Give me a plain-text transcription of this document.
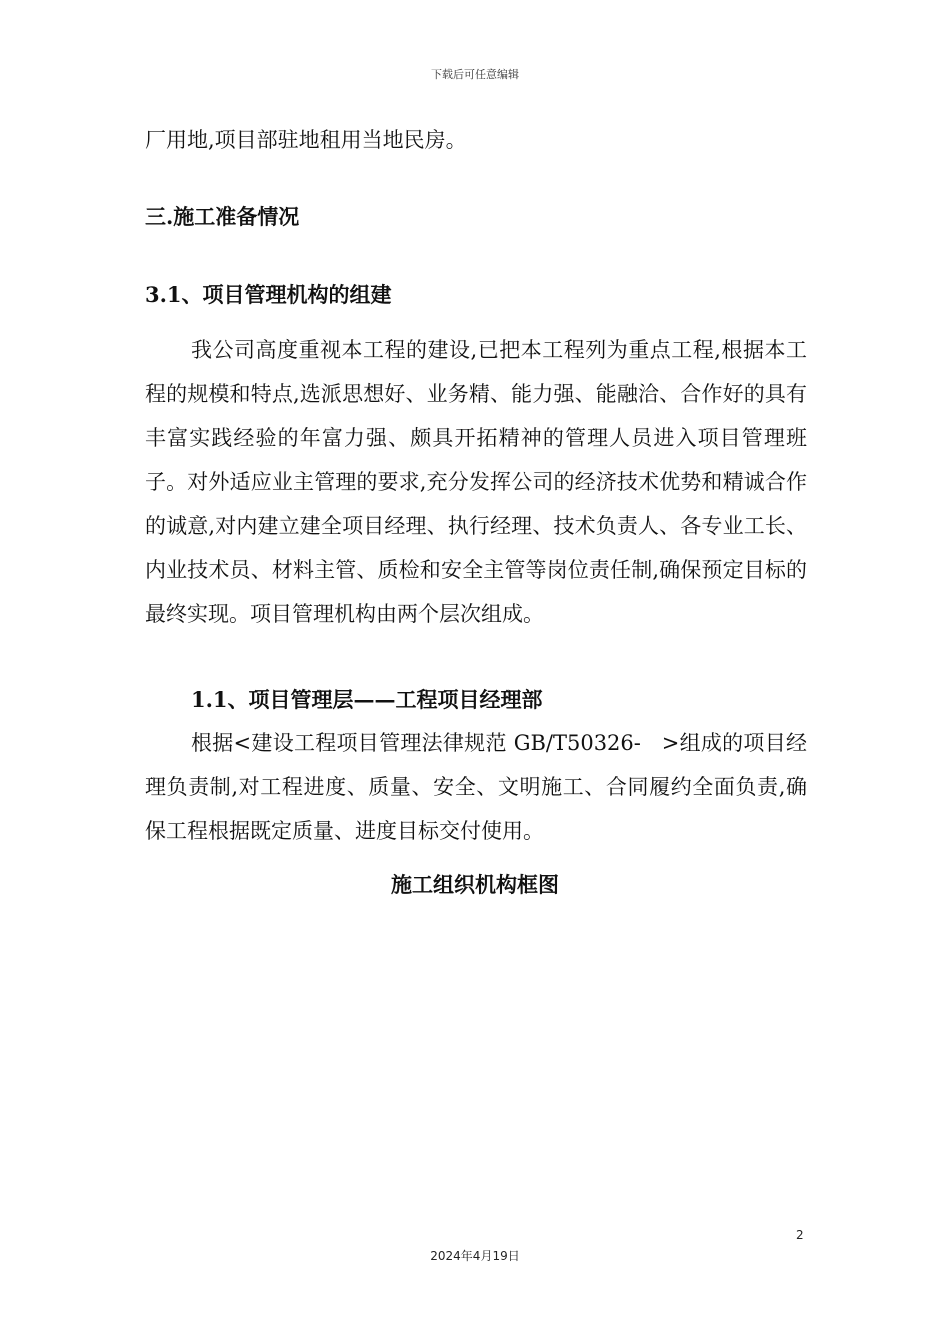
下载后可任意编辑

厂用地,项目部驻地租用当地民房。

三.施工准备情况
3.1、项目管理机构的组建

我公司高度重视本工程的建设,已把本工程列为重点工程,根据本工程的规模和特点,选派思想好、业务精、能力强、能融洽、合作好的具有丰富实践经验的年富力强、颇具开拓精神的管理人员进入项目管理班子。对外适应业主管理的要求,充分发挥公司的经济技术优势和精诚合作的诚意,对内建立建全项目经理、执行经理、技术负责人、各专业工长、内业技术员、材料主管、质检和安全主管等岗位责任制,确保预定目标的最终实现。项目管理机构由两个层次组成。

1.1、项目管理层——工程项目经理部

根据<建设工程项目管理法律规范 GB/T50326-   >组成的项目经理负责制,对工程进度、质量、安全、文明施工、合同履约全面负责,确保工程根据既定质量、进度目标交付使用。

施工组织机构框图
2
2024年4月19日
